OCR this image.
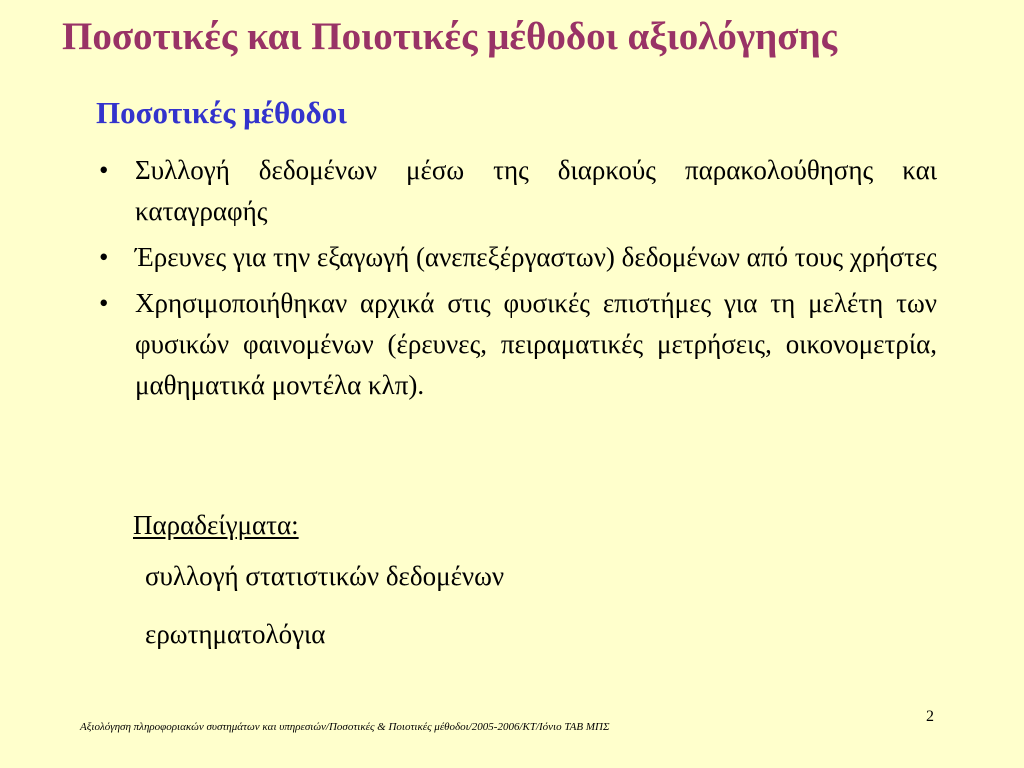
Ποσοτικές και Ποιοτικές μέθοδοι αξιολόγησης
Ποσοτικές μέθοδοι
• Συλλογή δεδομένων μέσω της διαρκούς παρακολούθησης και καταγραφής
• Έρευνες για την εξαγωγή (ανεπεξέργαστων) δεδομένων από τους χρήστες
• Χρησιμοποιήθηκαν αρχικά στις φυσικές επιστήμες για τη μελέτη των φυσικών φαινομένων (έρευνες, πειραματικές μετρήσεις, οικονομετρία, μαθηματικά μοντέλα κλπ).
Παραδείγματα:
συλλογή στατιστικών δεδομένων
ερωτηματολόγια
Αξιολόγηση πληροφοριακών συστημάτων και υπηρεσιών/Ποσοτικές & Ποιοτικές μέθοδοι/2005-2006/ΚΤ/Ιόνιο ΤΑΒ ΜΠΣ
2
